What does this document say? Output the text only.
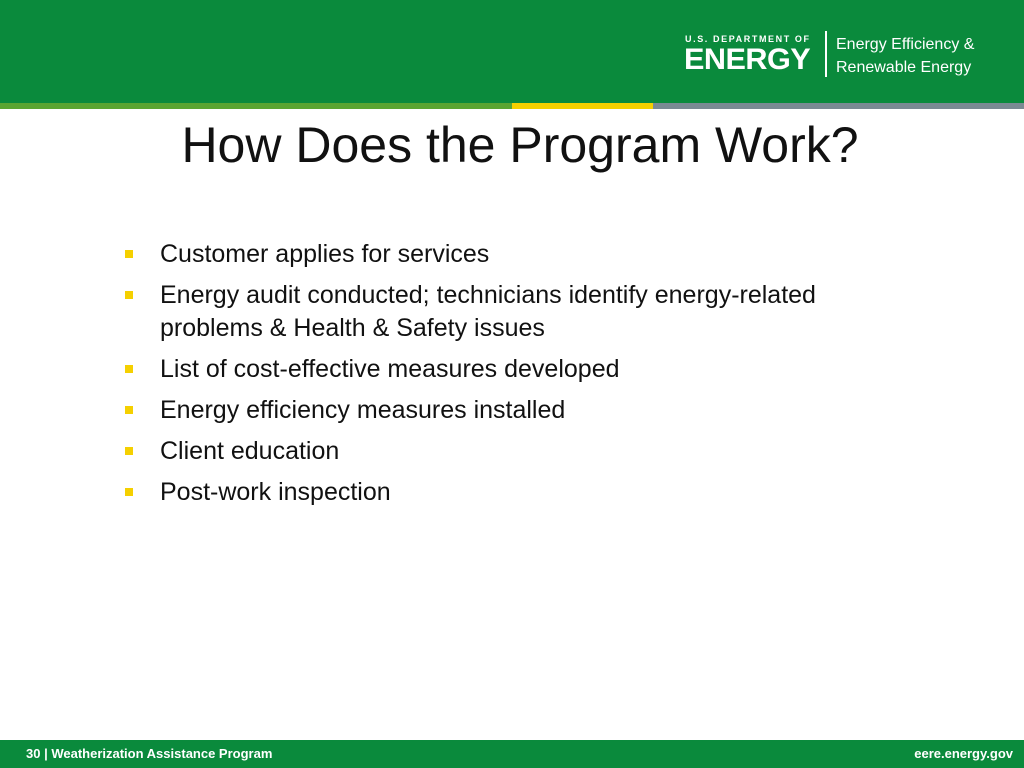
U.S. DEPARTMENT OF
ENERGY Energy Efficiency &
Renewable Energy
How Does the Program Work?
Customer applies for services
Energy audit conducted; technicians identify energy-related problems & Health & Safety issues
List of cost-effective measures developed
Energy efficiency measures installed
Client education
Post-work inspection
30 | Weatherization Assistance Program	eere.energy.gov
